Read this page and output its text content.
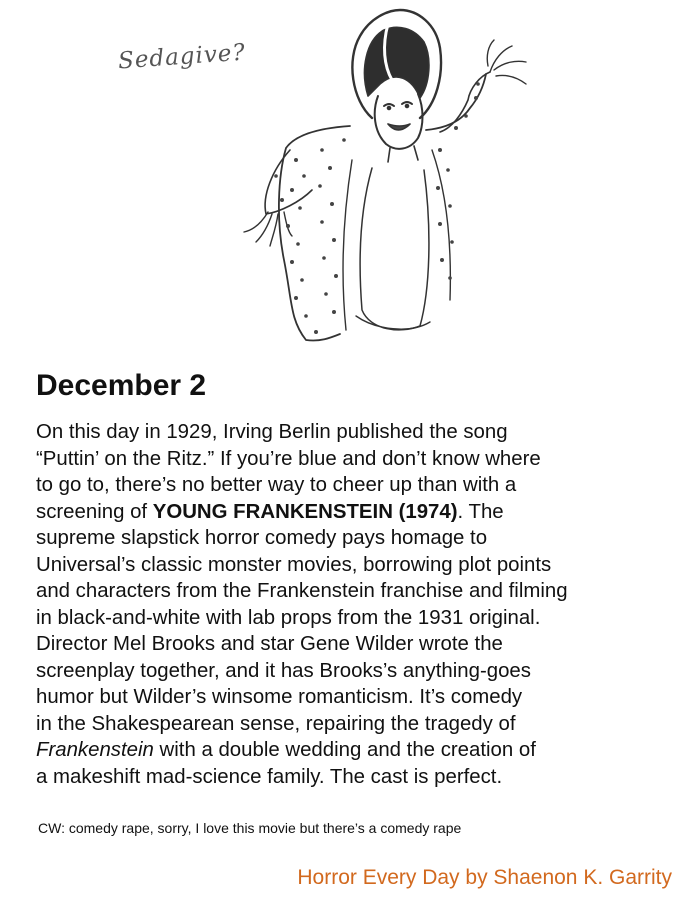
Sedagive?
December 2
On this day in 1929, Irving Berlin published the song
“Puttin’ on the Ritz.” If you’re blue and don’t know where
to go to, there’s no better way to cheer up than with a
screening of YOUNG FRANKENSTEIN (1974). The
supreme slapstick horror comedy pays homage to
Universal’s classic monster movies, borrowing plot points
and characters from the Frankenstein franchise and filming
in black-and-white with lab props from the 1931 original.
Director Mel Brooks and star Gene Wilder wrote the
screenplay together, and it has Brooks’s anything-goes
humor but Wilder’s winsome romanticism. It’s comedy
in the Shakespearean sense, repairing the tragedy of
Frankenstein with a double wedding and the creation of
a makeshift mad-science family. The cast is perfect.
CW: comedy rape, sorry, I love this movie but there’s a comedy rape
Horror Every Day by Shaenon K. Garrity
